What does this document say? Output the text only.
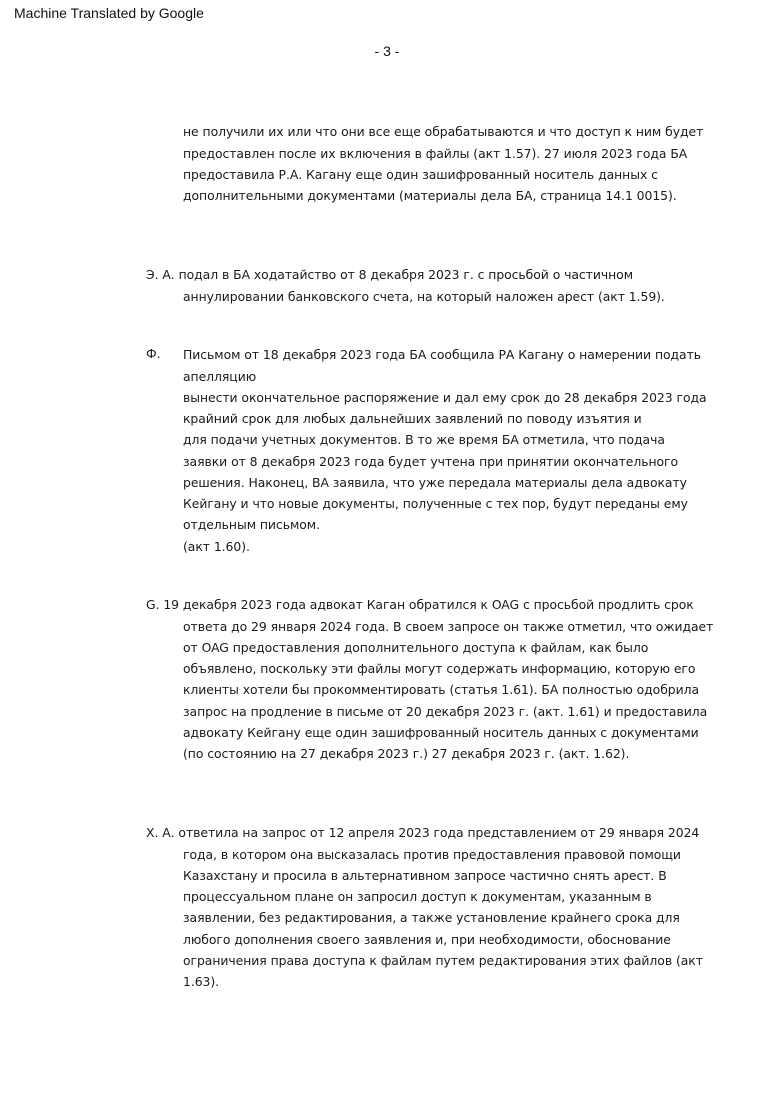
Machine Translated by Google
- 3 -
не получили их или что они все еще обрабатываются и что доступ к ним будет
предоставлен после их включения в файлы (акт 1.57). 27 июля 2023 года БА
предоставила Р.А. Кагану еще один зашифрованный носитель данных с
дополнительными документами (материалы дела БА, страница 14.1 0015).
Э. А. подал в БА ходатайство от 8 декабря 2023 г. с просьбой о частичном
аннулировании банковского счета, на который наложен арест (акт 1.59).
Ф. Письмом от 18 декабря 2023 года БА сообщила РА Кагану о намерении подать
апелляцию
вынести окончательное распоряжение и дал ему срок до 28 декабря 2023 года
крайний срок для любых дальнейших заявлений по поводу изъятия и
для подачи учетных документов. В то же время БА отметила, что подача
заявки от 8 декабря 2023 года будет учтена при принятии окончательного
решения. Наконец, ВА заявила, что уже передала материалы дела адвокату
Кейгану и что новые документы, полученные с тех пор, будут переданы ему
отдельным письмом.
(акт 1.60).
G. 19 декабря 2023 года адвокат Каган обратился к OAG с просьбой продлить срок
ответа до 29 января 2024 года. В своем запросе он также отметил, что ожидает
от OAG предоставления дополнительного доступа к файлам, как было
объявлено, поскольку эти файлы могут содержать информацию, которую его
клиенты хотели бы прокомментировать (статья 1.61). БА полностью одобрила
запрос на продление в письме от 20 декабря 2023 г. (акт. 1.61) и предоставила
адвокату Кейгану еще один зашифрованный носитель данных с документами
(по состоянию на 27 декабря 2023 г.) 27 декабря 2023 г. (акт. 1.62).
Х. А. ответила на запрос от 12 апреля 2023 года представлением от 29 января 2024
года, в котором она высказалась против предоставления правовой помощи
Казахстану и просила в альтернативном запросе частично снять арест. В
процессуальном плане он запросил доступ к документам, указанным в
заявлении, без редактирования, а также установление крайнего срока для
любого дополнения своего заявления и, при необходимости, обоснование
ограничения права доступа к файлам путем редактирования этих файлов (акт
1.63).
